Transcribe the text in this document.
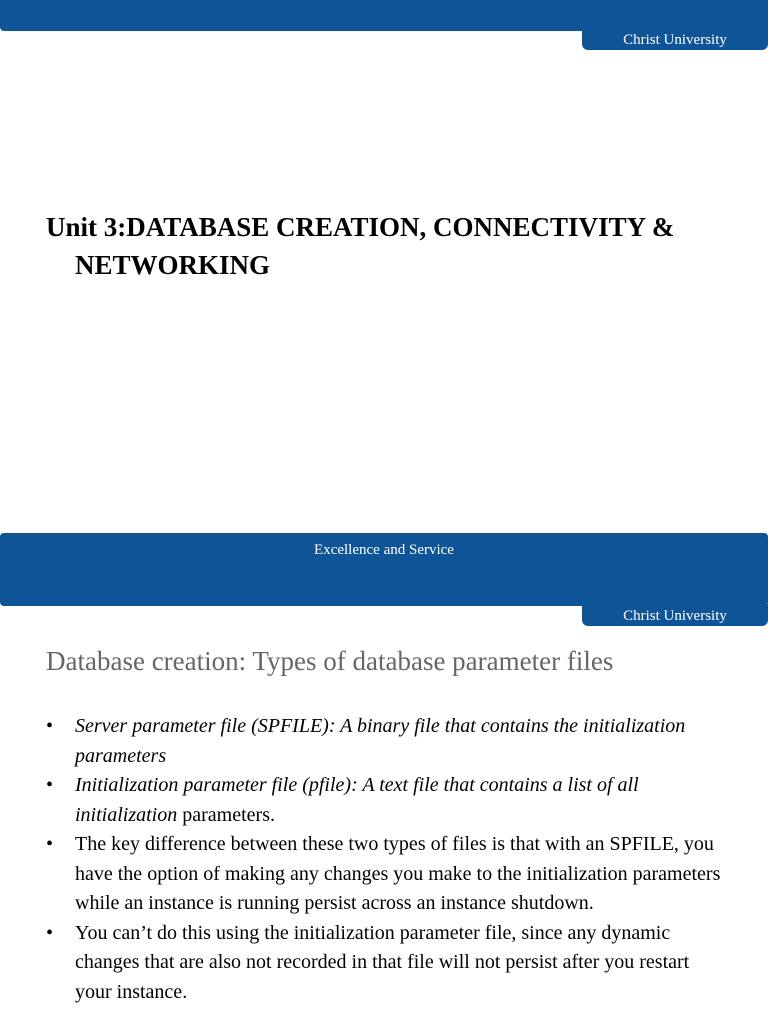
Christ University
Unit 3:DATABASE CREATION, CONNECTIVITY & NETWORKING
Excellence and Service
Christ University
Database creation: Types of database parameter files
• Server parameter file (SPFILE): A binary file that contains the initialization parameters
• Initialization parameter file (pfile): A text file that contains a list of all initialization parameters.
• The key difference between these two types of files is that with an SPFILE, you have the option of making any changes you make to the initialization parameters while an instance is running persist across an instance shutdown.
• You can’t do this using the initialization parameter file, since any dynamic changes that are also not recorded in that file will not persist after you restart your instance.
